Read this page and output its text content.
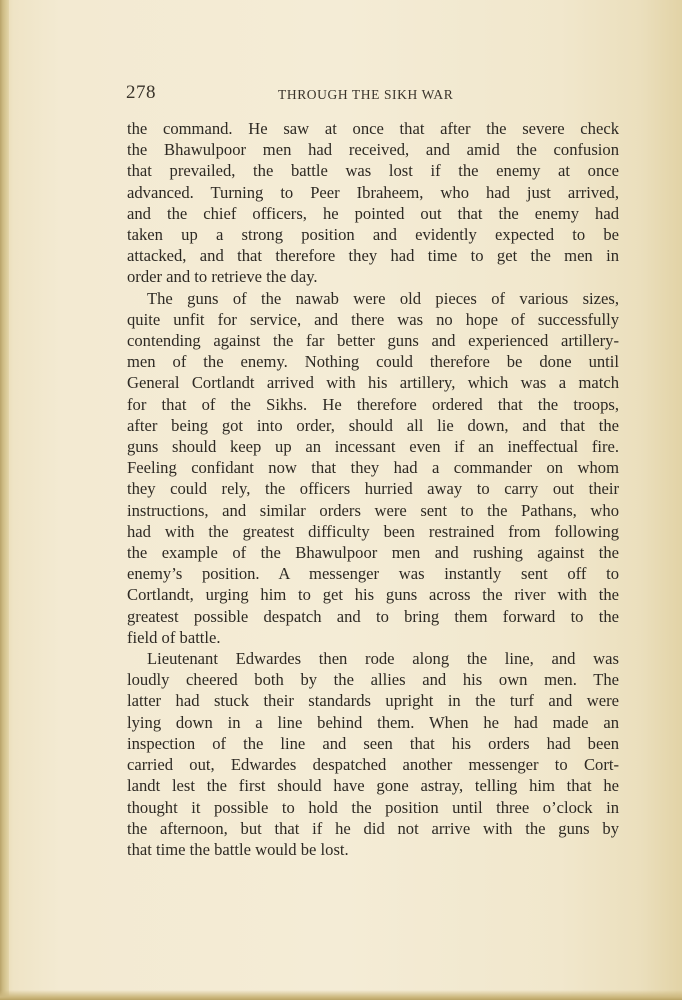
278	THROUGH THE SIKH WAR
the command. He saw at once that after the severe check
the Bhawulpoor men had received, and amid the confusion
that prevailed, the battle was lost if the enemy at once
advanced. Turning to Peer Ibraheem, who had just arrived,
and the chief officers, he pointed out that the enemy had
taken up a strong position and evidently expected to be
attacked, and that therefore they had time to get the men in
order and to retrieve the day.
The guns of the nawab were old pieces of various sizes,
quite unfit for service, and there was no hope of successfully
contending against the far better guns and experienced artillery-
men of the enemy. Nothing could therefore be done until
General Cortlandt arrived with his artillery, which was a match
for that of the Sikhs. He therefore ordered that the troops,
after being got into order, should all lie down, and that the
guns should keep up an incessant even if an ineffectual fire.
Feeling confidant now that they had a commander on whom
they could rely, the officers hurried away to carry out their
instructions, and similar orders were sent to the Pathans, who
had with the greatest difficulty been restrained from following
the example of the Bhawulpoor men and rushing against the
enemy’s position. A messenger was instantly sent off to
Cortlandt, urging him to get his guns across the river with the
greatest possible despatch and to bring them forward to the
field of battle.
Lieutenant Edwardes then rode along the line, and was
loudly cheered both by the allies and his own men. The
latter had stuck their standards upright in the turf and were
lying down in a line behind them. When he had made an
inspection of the line and seen that his orders had been
carried out, Edwardes despatched another messenger to Cort-
landt lest the first should have gone astray, telling him that he
thought it possible to hold the position until three o’clock in
the afternoon, but that if he did not arrive with the guns by
that time the battle would be lost.
